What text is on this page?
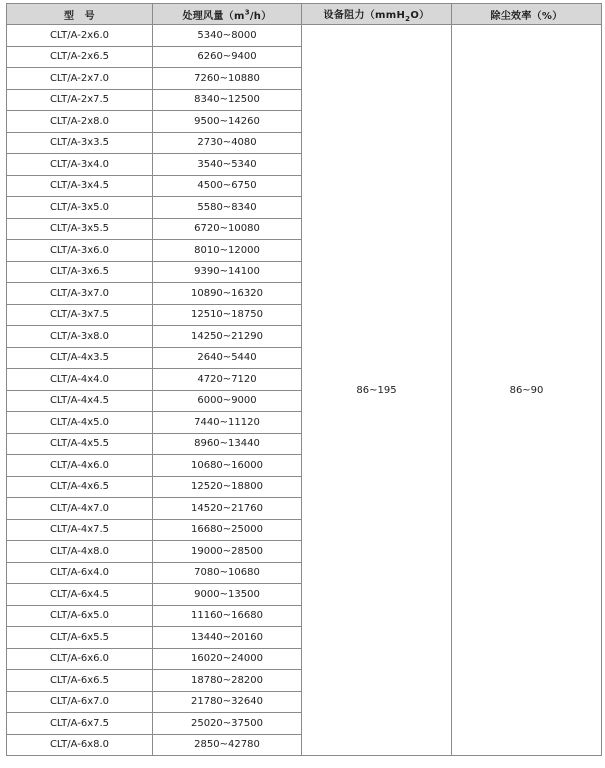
型　号	处理风量$(m^3/h)$	设备阻力（mmH$_2$O）	除尘效率（%）
CLT/A-2x6.0	5340~8000	86~195	86~90
CLT/A-2x6.5	6260~9400		
CLT/A-2x7.0	7260~10880		
CLT/A-2x7.5	8340~12500		
CLT/A-2x8.0	9500~14260		
CLT/A-3x3.5	2730~4080		
CLT/A-3x4.0	3540~5340		
CLT/A-3x4.5	4500~6750		
CLT/A-3x5.0	5580~8340		
CLT/A-3x5.5	6720~10080		
CLT/A-3x6.0	8010~12000		
CLT/A-3x6.5	9390~14100		
CLT/A-3x7.0	10890~16320		
CLT/A-3x7.5	12510~18750		
CLT/A-3x8.0	14250~21290		
CLT/A-4x3.5	2640~5440		
CLT/A-4x4.0	4720~7120		
CLT/A-4x4.5	6000~9000		
CLT/A-4x5.0	7440~11120		
CLT/A-4x5.5	8960~13440		
CLT/A-4x6.0	10680~16000		
CLT/A-4x6.5	12520~18800		
CLT/A-4x7.0	14520~21760		
CLT/A-4x7.5	16680~25000		
CLT/A-4x8.0	19000~28500		
CLT/A-6x4.0	7080~10680		
CLT/A-6x4.5	9000~13500		
CLT/A-6x5.0	11160~16680		
CLT/A-6x5.5	13440~20160		
CLT/A-6x6.0	16020~24000		
CLT/A-6x6.5	18780~28200		
CLT/A-6x7.0	21780~32640		
CLT/A-6x7.5	25020~37500		
CLT/A-6x8.0	2850~42780		
